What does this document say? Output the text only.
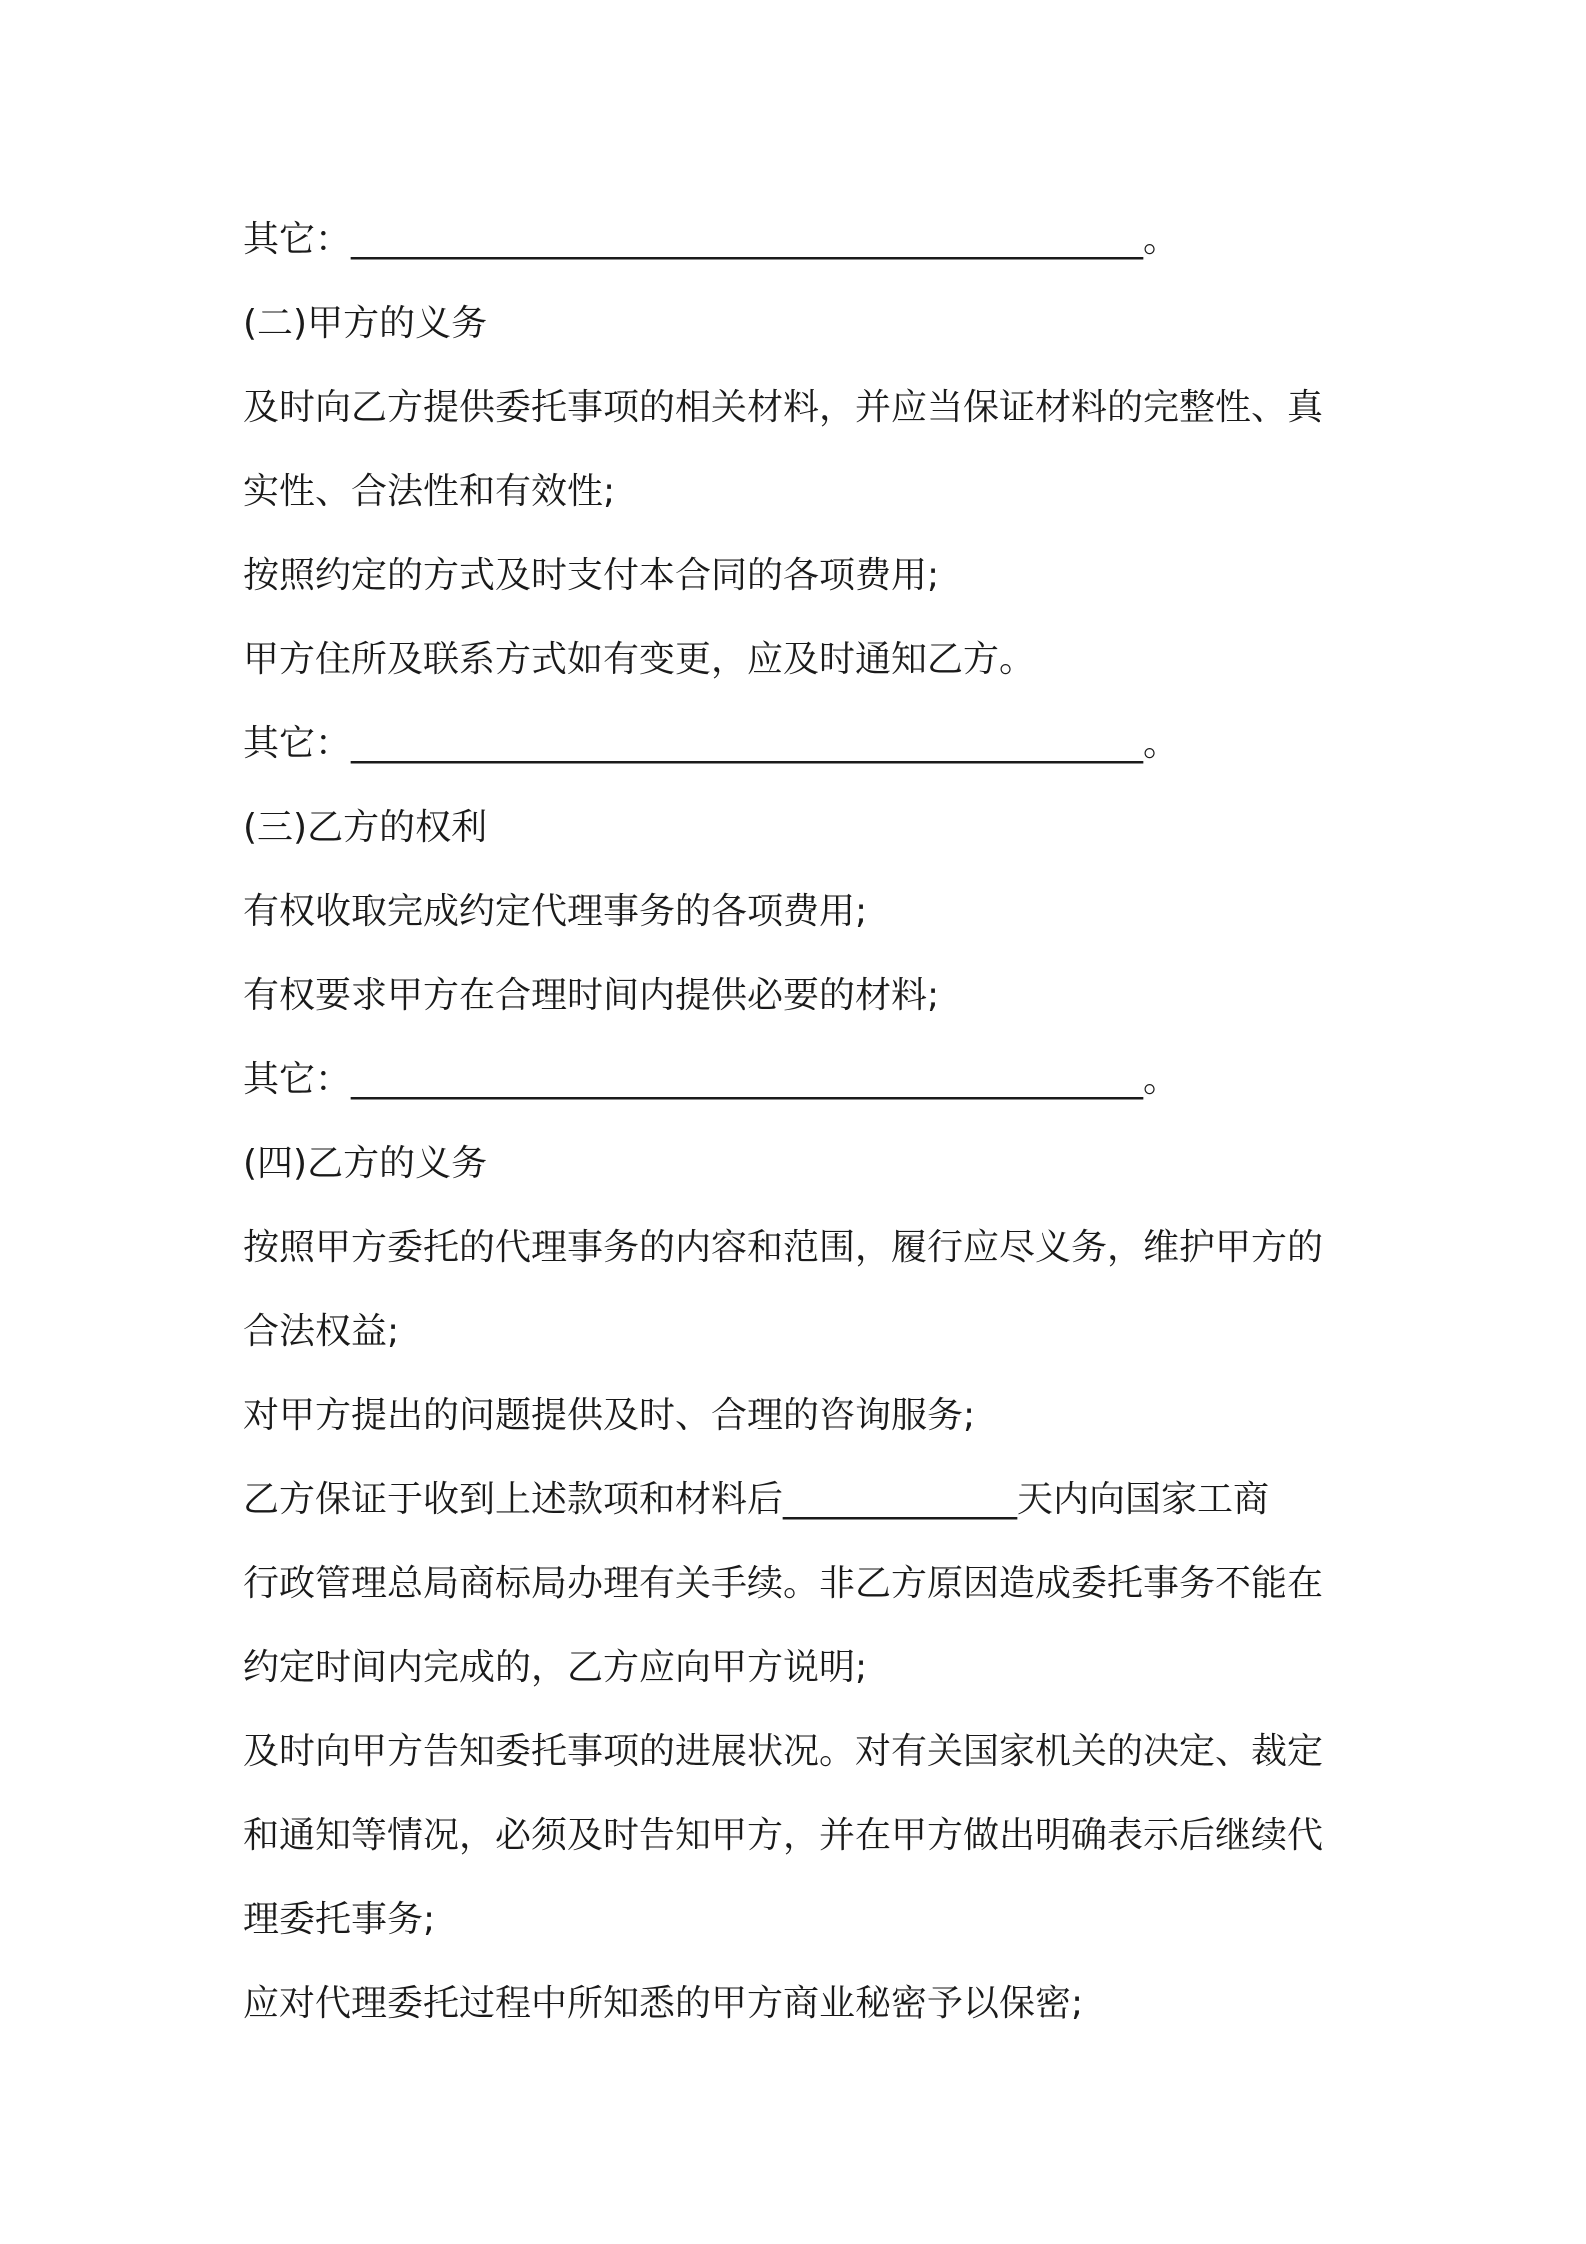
其它：____________________________________________。
(二)甲方的义务
及时向乙方提供委托事项的相关材料，并应当保证材料的完整性、真
实性、合法性和有效性;
按照约定的方式及时支付本合同的各项费用;
甲方住所及联系方式如有变更，应及时通知乙方。
其它：____________________________________________。
(三)乙方的权利
有权收取完成约定代理事务的各项费用;
有权要求甲方在合理时间内提供必要的材料;
其它：____________________________________________。
(四)乙方的义务
按照甲方委托的代理事务的内容和范围，履行应尽义务，维护甲方的
合法权益;
对甲方提出的问题提供及时、合理的咨询服务;
乙方保证于收到上述款项和材料后_____________天内向国家工商
行政管理总局商标局办理有关手续。非乙方原因造成委托事务不能在
约定时间内完成的，乙方应向甲方说明;
及时向甲方告知委托事项的进展状况。对有关国家机关的决定、裁定
和通知等情况，必须及时告知甲方，并在甲方做出明确表示后继续代
理委托事务;
应对代理委托过程中所知悉的甲方商业秘密予以保密;
